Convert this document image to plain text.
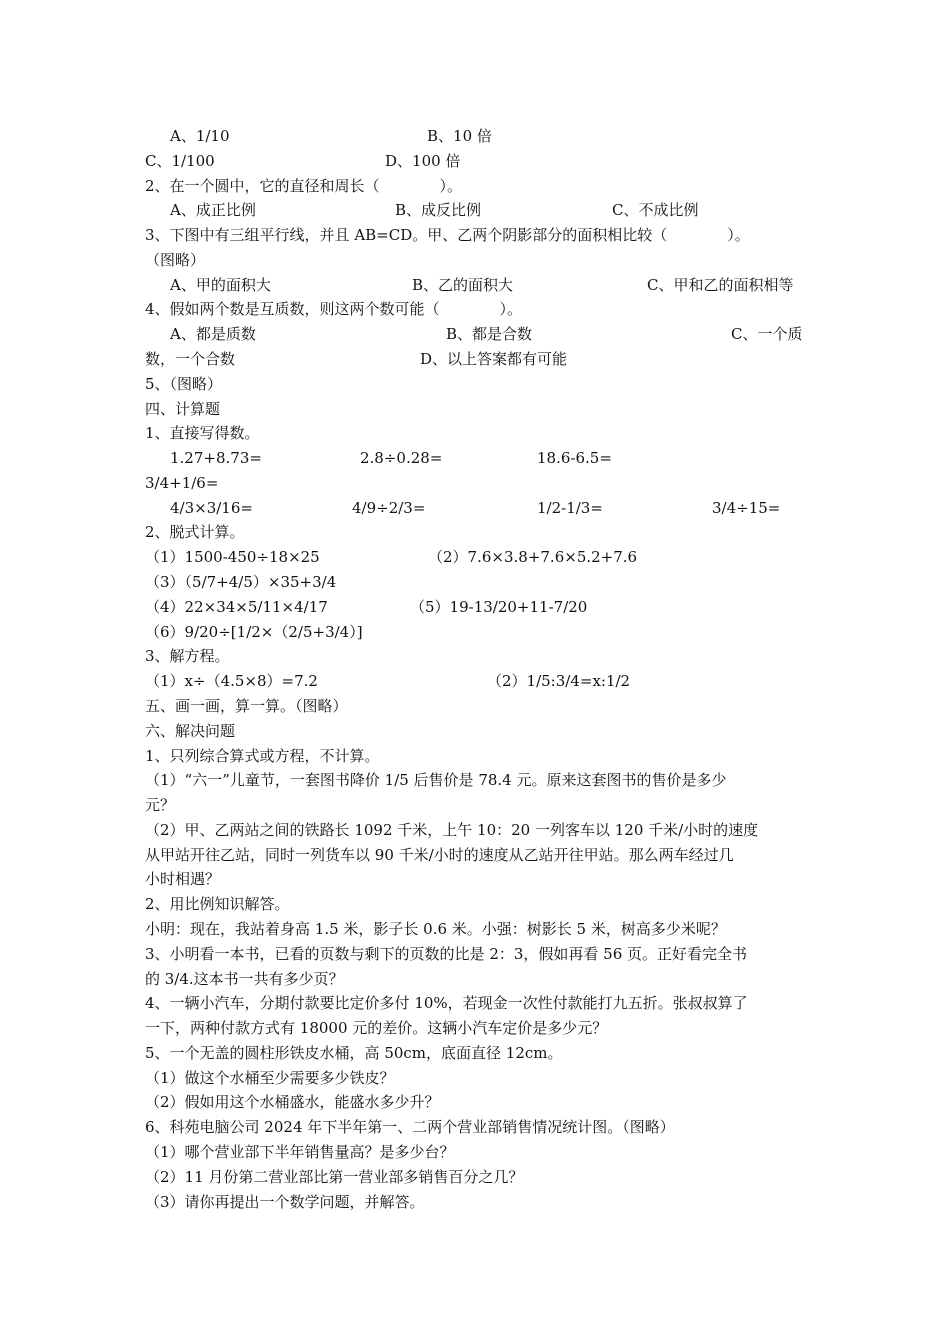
A、1/10	B、10 倍
C、1/100	D、100 倍
2、在一个圆中，它的直径和周长（　　　　）。
A、成正比例	B、成反比例	C、不成比例
3、下图中有三组平行线，并且 AB=CD。甲、乙两个阴影部分的面积相比较（　　　　）。
（图略）
A、甲的面积大	B、乙的面积大	C、甲和乙的面积相等
4、假如两个数是互质数，则这两个数可能（　　　　）。
A、都是质数	B、都是合数	C、一个质
数，一个合数	D、以上答案都有可能
5、（图略）
四、计算题
1、直接写得数。
1.27+8.73=	2.8÷0.28=	18.6-6.5=
3/4+1/6=
4/3×3/16=	4/9÷2/3=	1/2-1/3=	3/4÷15=
2、脱式计算。
（1）1500-450÷18×25	（2）7.6×3.8+7.6×5.2+7.6
（3）（5/7+4/5）×35+3/4
（4）22×34×5/11×4/17	（5）19-13/20+11-7/20
（6）9/20÷[1/2×（2/5+3/4）]
3、解方程。
（1）x÷（4.5×8）=7.2	（2）1/5:3/4=x:1/2
五、画一画，算一算。（图略）
六、解决问题
1、只列综合算式或方程，不计算。
（1）“六一”儿童节，一套图书降价 1/5 后售价是 78.4 元。原来这套图书的售价是多少
元？
（2）甲、乙两站之间的铁路长 1092 千米，上午 10：20 一列客车以 120 千米/小时的速度
从甲站开往乙站，同时一列货车以 90 千米/小时的速度从乙站开往甲站。那么两车经过几
小时相遇？
2、用比例知识解答。
小明：现在，我站着身高 1.5 米，影子长 0.6 米。小强：树影长 5 米，树高多少米呢？
3、小明看一本书，已看的页数与剩下的页数的比是 2：3，假如再看 56 页。正好看完全书
的 3/4.这本书一共有多少页？
4、一辆小汽车，分期付款要比定价多付 10%，若现金一次性付款能打九五折。张叔叔算了
一下，两种付款方式有 18000 元的差价。这辆小汽车定价是多少元？
5、一个无盖的圆柱形铁皮水桶，高 50cm，底面直径 12cm。
（1）做这个水桶至少需要多少铁皮？
（2）假如用这个水桶盛水，能盛水多少升？
6、科苑电脑公司 2024 年下半年第一、二两个营业部销售情况统计图。（图略）
（1）哪个营业部下半年销售量高？是多少台？
（2）11 月份第二营业部比第一营业部多销售百分之几？
（3）请你再提出一个数学问题，并解答。
